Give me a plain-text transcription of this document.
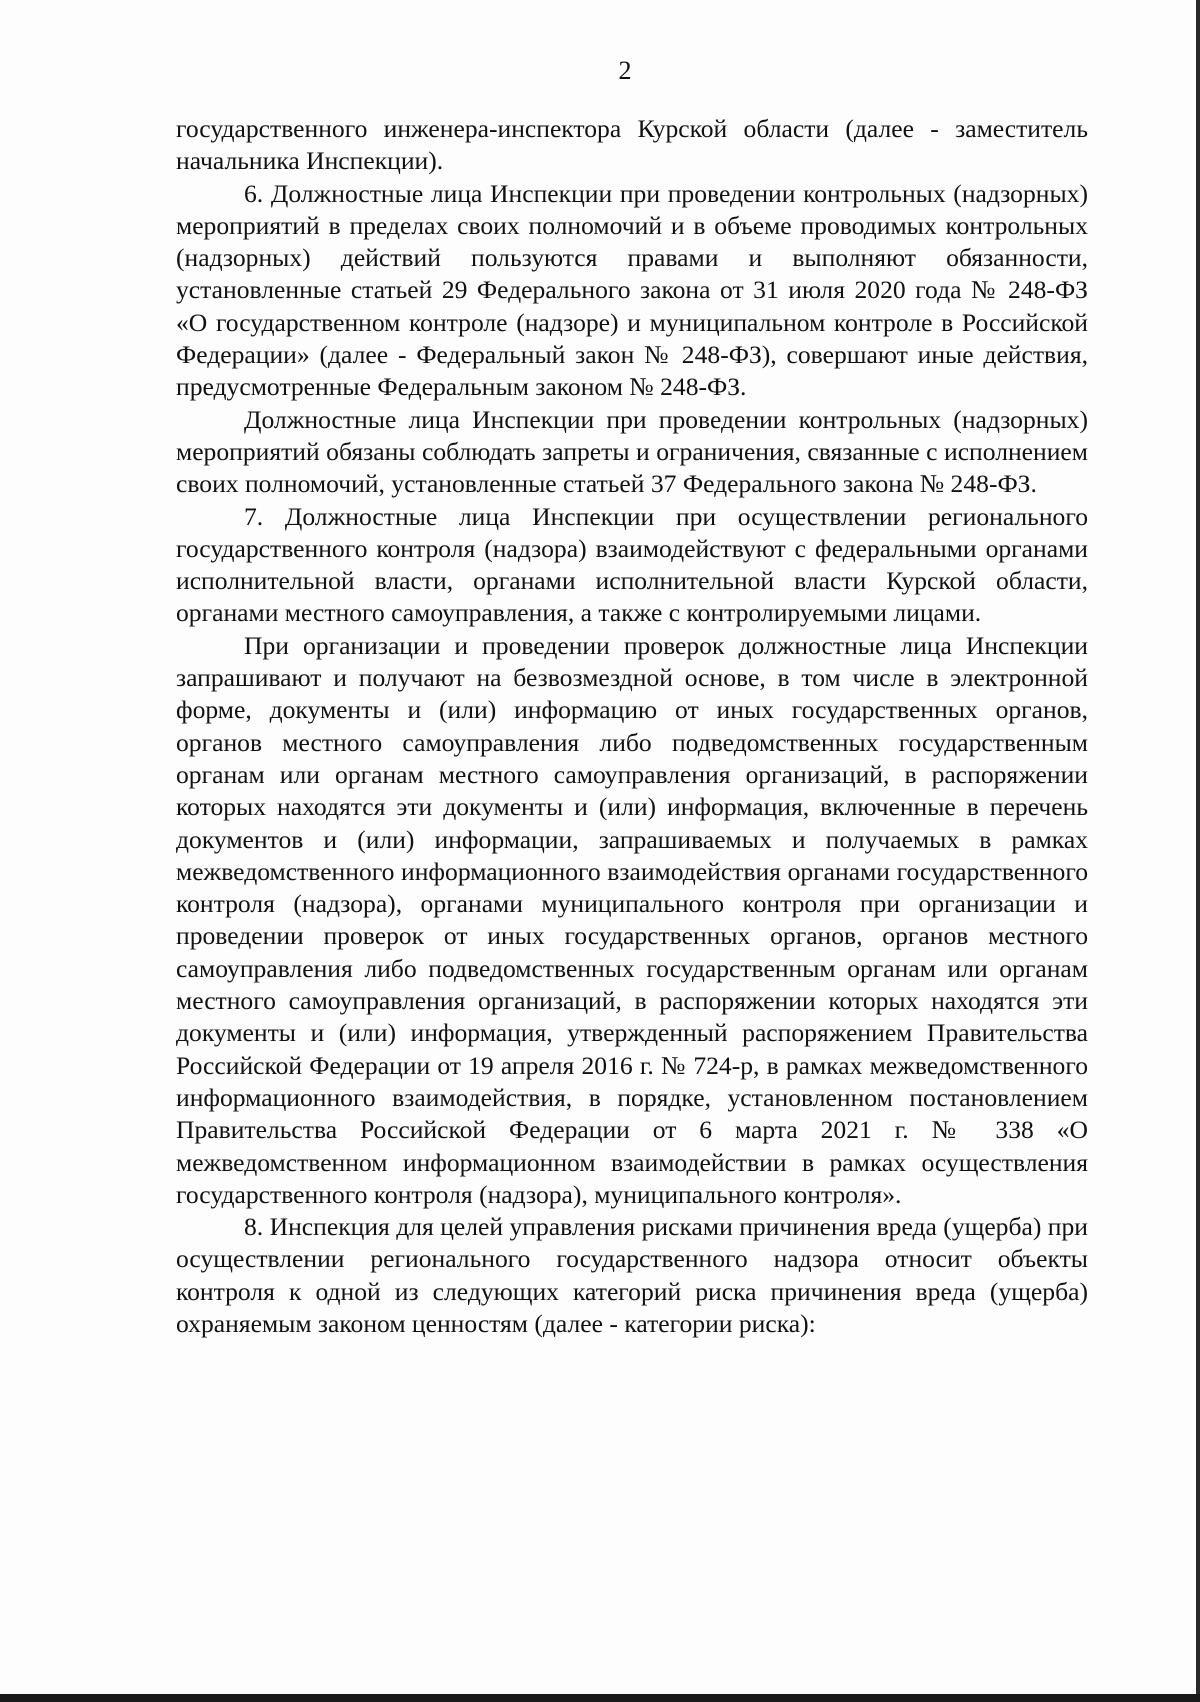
2

государственного инженера-инспектора Курской области (далее - заместитель начальника Инспекции).

6. Должностные лица Инспекции при проведении контрольных (надзорных) мероприятий в пределах своих полномочий и в объеме проводимых контрольных (надзорных) действий пользуются правами и выполняют обязанности, установленные статьей 29 Федерального закона от 31 июля 2020 года № 248-ФЗ «О государственном контроле (надзоре) и муниципальном контроле в Российской Федерации» (далее - Федеральный закон № 248-ФЗ), совершают иные действия, предусмотренные Федеральным законом № 248-ФЗ.

Должностные лица Инспекции при проведении контрольных (надзорных) мероприятий обязаны соблюдать запреты и ограничения, связанные с исполнением своих полномочий, установленные статьей 37 Федерального закона № 248-ФЗ.

7. Должностные лица Инспекции при осуществлении регионального государственного контроля (надзора) взаимодействуют с федеральными органами исполнительной власти, органами исполнительной власти Курской области, органами местного самоуправления, а также с контролируемыми лицами.

При организации и проведении проверок должностные лица Инспекции запрашивают и получают на безвозмездной основе, в том числе в электронной форме, документы и (или) информацию от иных государственных органов, органов местного самоуправления либо подведомственных государственным органам или органам местного самоуправления организаций, в распоряжении которых находятся эти документы и (или) информация, включенные в перечень документов и (или) информации, запрашиваемых и получаемых в рамках межведомственного информационного взаимодействия органами государственного контроля (надзора), органами муниципального контроля при организации и проведении проверок от иных государственных органов, органов местного самоуправления либо подведомственных государственным органам или органам местного самоуправления организаций, в распоряжении которых находятся эти документы и (или) информация, утвержденный распоряжением Правительства Российской Федерации от 19 апреля 2016 г. № 724-р, в рамках межведомственного информационного взаимодействия, в порядке, установленном постановлением Правительства Российской Федерации от 6 марта 2021 г. № 338 «О межведомственном информационном взаимодействии в рамках осуществления государственного контроля (надзора), муниципального контроля».

8. Инспекция для целей управления рисками причинения вреда (ущерба) при осуществлении регионального государственного надзора относит объекты контроля к одной из следующих категорий риска причинения вреда (ущерба) охраняемым законом ценностям (далее - категории риска):
